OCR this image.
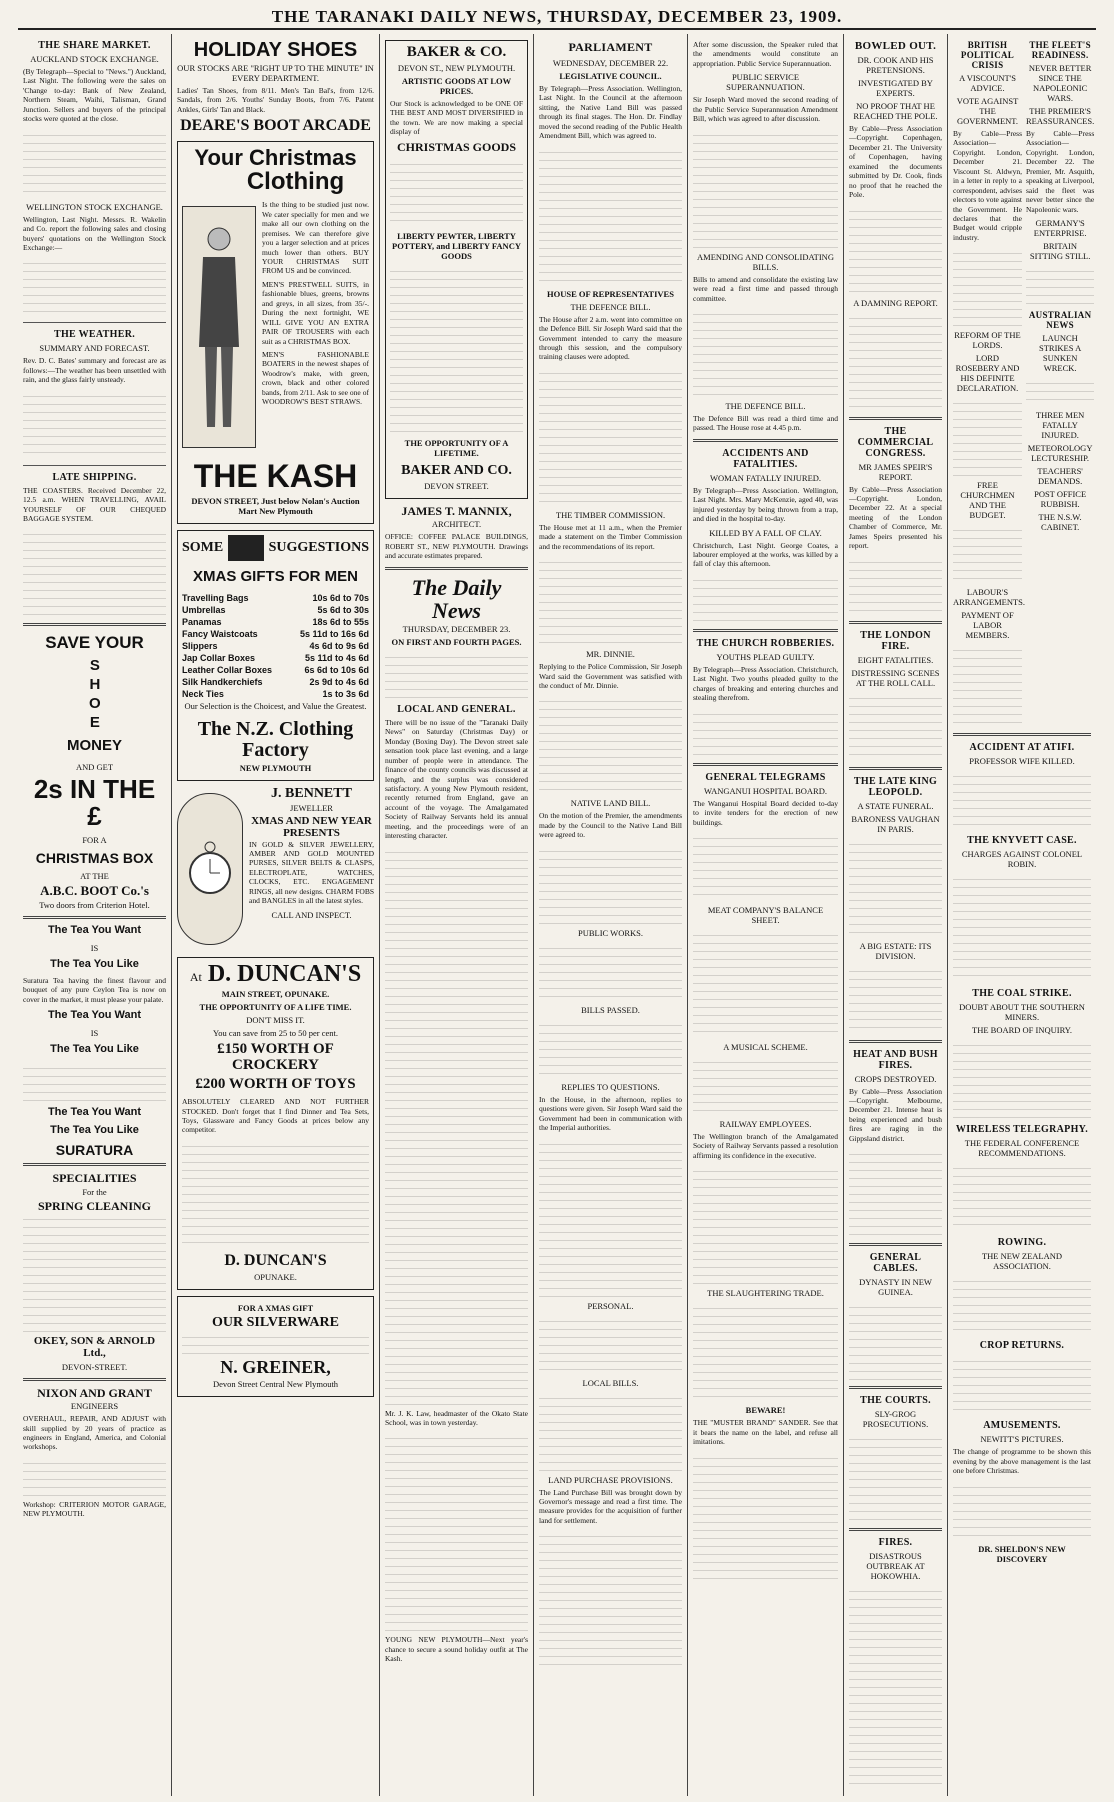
THE TARANAKI DAILY NEWS, THURSDAY, DECEMBER 23, 1909.
THE SHARE MARKET.
AUCKLAND STOCK EXCHANGE.

(By Telegraph—Special to "News.") Auckland, Last Night. The following were the sales on 'Change to-day: Bank of New Zealand, Northern Steam, Waihi, Talisman, Grand Junction. Sellers and buyers of the principal stocks were quoted at the close.

WELLINGTON STOCK EXCHANGE.

Wellington, Last Night. Messrs. R. Wakelin and Co. report the following sales and closing buyers' quotations on the Wellington Stock Exchange:—

THE WEATHER.
SUMMARY AND FORECAST.

Rev. D. C. Bates' summary and forecast are as follows:—The weather has been unsettled with rain, and the glass fairly unsteady.

LATE SHIPPING.

THE COASTERS. Received December 22, 12.5 a.m. WHEN TRAVELLING, AVAIL YOURSELF OF OUR CHEQUED BAGGAGE SYSTEM.

SAVE YOUR
SHOE
MONEY
AND GET
2s IN THE £
FOR A
CHRISTMAS BOX
AT THE
A.B.C. BOOT Co.'s
Two doors from Criterion Hotel.
The Tea You Want
IS
The Tea You Like

Suratura Tea having the finest flavour and bouquet of any pure Ceylon Tea is now on cover in the market, it must please your palate.

The Tea You Want
IS
The Tea You Like

The Tea You Want
The Tea You Like
SURATURA
SPECIALITIES
For the
SPRING CLEANING

OKEY, SON & ARNOLD Ltd.,
DEVON-STREET.
NIXON AND GRANT
ENGINEERS

OVERHAUL, REPAIR, AND ADJUST with skill supplied by 20 years of practice as engineers in England, America, and Colonial workshops.

Workshop: CRITERION MOTOR GARAGE, NEW PLYMOUTH.

HOLIDAY SHOES
OUR STOCKS ARE "RIGHT UP TO THE MINUTE" IN EVERY DEPARTMENT.

Ladies' Tan Shoes, from 8/11. Men's Tan Bal's, from 12/6. Sandals, from 2/6. Youths' Sunday Boots, from 7/6. Patent Ankles, Girls' Tan and Black.

DEARE'S BOOT ARCADE
Your Christmas
Clothing

Is the thing to be studied just now. We cater specially for men and we make all our own clothing on the premises. We can therefore give you a larger selection and at prices much lower than others. BUY YOUR CHRISTMAS SUIT FROM US and be convinced.

MEN'S PRESTWELL SUITS, in fashionable blues, greens, browns and greys, in all sizes, from 35/-. During the next fortnight, WE WILL GIVE YOU AN EXTRA PAIR OF TROUSERS with each suit as a CHRISTMAS BOX.

MEN'S FASHIONABLE BOATERS in the newest shapes of Woodrow's make, with green, crown, black and other colored bands, from 2/11. Ask to see one of WOODROW'S BEST STRAWS.

THE KASH
DEVON STREET, Just below Nolan's Auction Mart New Plymouth
SOME	SUGGESTIONS
XMAS GIFTS FOR MEN
Travelling Bags	10s 6d to 70s
Umbrellas	5s 6d to 30s
Panamas	18s 6d to 55s
Fancy Waistcoats	5s 11d to 16s 6d
Slippers	4s 6d to 9s 6d
Jap Collar Boxes	5s 11d to 4s 6d
Leather Collar Boxes	6s 6d to 10s 6d
Silk Handkerchiefs	2s 9d to 4s 6d
Neck Ties	1s to 3s 6d
Our Selection is the Choicest, and Value the Greatest.
The N.Z. Clothing Factory
NEW PLYMOUTH
J. BENNETT
JEWELLER
XMAS AND NEW YEAR PRESENTS

IN GOLD & SILVER JEWELLERY, AMBER AND GOLD MOUNTED PURSES, SILVER BELTS & CLASPS, ELECTROPLATE, WATCHES, CLOCKS, ETC. ENGAGEMENT RINGS, all new designs. CHARM FOBS and BANGLES in all the latest styles.

CALL AND INSPECT.
At D. DUNCAN'S
MAIN STREET, OPUNAKE.
THE OPPORTUNITY OF A LIFE TIME.
DON'T MISS IT.
You can save from 25 to 50 per cent.
£150 WORTH OF CROCKERY
£200 WORTH OF TOYS

ABSOLUTELY CLEARED AND NOT FURTHER STOCKED. Don't forget that I find Dinner and Tea Sets, Toys, Glassware and Fancy Goods at prices below any competitor.

D. DUNCAN'S
OPUNAKE.
FOR A XMAS GIFT
OUR SILVERWARE

N. GREINER,
Devon Street Central New Plymouth
BAKER & CO.
DEVON ST., NEW PLYMOUTH.
ARTISTIC GOODS AT LOW PRICES.

Our Stock is acknowledged to be ONE OF THE BEST AND MOST DIVERSIFIED in the town. We are now making a special display of

CHRISTMAS GOODS

LIBERTY PEWTER, LIBERTY POTTERY, and LIBERTY FANCY GOODS

THE OPPORTUNITY OF A LIFETIME.
BAKER AND CO.
DEVON STREET.
JAMES T. MANNIX,
ARCHITECT.

OFFICE: COFFEE PALACE BUILDINGS, ROBERT ST., NEW PLYMOUTH. Drawings and accurate estimates prepared.

The Daily News
THURSDAY, DECEMBER 23.
ON FIRST AND FOURTH PAGES.

LOCAL AND GENERAL.

There will be no issue of the "Taranaki Daily News" on Saturday (Christmas Day) or Monday (Boxing Day). The Devon street sale sensation took place last evening, and a large number of people were in attendance. The finance of the county councils was discussed at length, and the surplus was considered satisfactory. A young New Plymouth resident, recently returned from England, gave an account of the voyage. The Amalgamated Society of Railway Servants held its annual meeting, and the proceedings were of an interesting character.

Mr. J. K. Law, headmaster of the Okato State School, was in town yesterday.

YOUNG NEW PLYMOUTH—Next year's chance to secure a sound holiday outfit at The Kash.

PARLIAMENT
WEDNESDAY, DECEMBER 22.
LEGISLATIVE COUNCIL.

By Telegraph—Press Association. Wellington, Last Night. In the Council at the afternoon sitting, the Native Land Bill was passed through its final stages. The Hon. Dr. Findlay moved the second reading of the Public Health Amendment Bill, which was agreed to.

HOUSE OF REPRESENTATIVES
THE DEFENCE BILL.

The House after 2 a.m. went into committee on the Defence Bill. Sir Joseph Ward said that the Government intended to carry the measure through this session, and the compulsory training clauses were adopted.

THE TIMBER COMMISSION.

The House met at 11 a.m., when the Premier made a statement on the Timber Commission and the recommendations of its report.

MR. DINNIE.

Replying to the Police Commission, Sir Joseph Ward said the Government was satisfied with the conduct of Mr. Dinnie.

NATIVE LAND BILL.

On the motion of the Premier, the amendments made by the Council to the Native Land Bill were agreed to.

PUBLIC WORKS.

BILLS PASSED.

REPLIES TO QUESTIONS.

In the House, in the afternoon, replies to questions were given. Sir Joseph Ward said the Government had been in communication with the Imperial authorities.

PERSONAL.

LOCAL BILLS.

LAND PURCHASE PROVISIONS.

The Land Purchase Bill was brought down by Governor's message and read a first time. The measure provides for the acquisition of further land for settlement.

After some discussion, the Speaker ruled that the amendments would constitute an appropriation. Public Service Superannuation.

PUBLIC SERVICE SUPERANNUATION.

Sir Joseph Ward moved the second reading of the Public Service Superannuation Amendment Bill, which was agreed to after discussion.

AMENDING AND CONSOLIDATING BILLS.

Bills to amend and consolidate the existing law were read a first time and passed through committee.

THE DEFENCE BILL.

The Defence Bill was read a third time and passed. The House rose at 4.45 p.m.

ACCIDENTS AND FATALITIES.
WOMAN FATALLY INJURED.

By Telegraph—Press Association. Wellington, Last Night. Mrs. Mary McKenzie, aged 40, was injured yesterday by being thrown from a trap, and died in the hospital to-day.

KILLED BY A FALL OF CLAY.

Christchurch, Last Night. George Coates, a labourer employed at the works, was killed by a fall of clay this afternoon.

THE CHURCH ROBBERIES.
YOUTHS PLEAD GUILTY.

By Telegraph—Press Association. Christchurch, Last Night. Two youths pleaded guilty to the charges of breaking and entering churches and stealing therefrom.

GENERAL TELEGRAMS
WANGANUI HOSPITAL BOARD.

The Wanganui Hospital Board decided to-day to invite tenders for the erection of new buildings.

MEAT COMPANY'S BALANCE SHEET.

A MUSICAL SCHEME.

RAILWAY EMPLOYEES.

The Wellington branch of the Amalgamated Society of Railway Servants passed a resolution affirming its confidence in the executive.

THE SLAUGHTERING TRADE.

BEWARE!

THE "MUSTER BRAND" SANDER. See that it bears the name on the label, and refuse all imitations.

BOWLED OUT.
DR. COOK AND HIS PRETENSIONS.
INVESTIGATED BY EXPERTS.
NO PROOF THAT HE REACHED THE POLE.

By Cable—Press Association—Copyright. Copenhagen, December 21. The University of Copenhagen, having examined the documents submitted by Dr. Cook, finds no proof that he reached the Pole.

A DAMNING REPORT.

THE COMMERCIAL CONGRESS.
MR JAMES SPEIR'S REPORT.

By Cable—Press Association—Copyright. London, December 22. At a special meeting of the London Chamber of Commerce, Mr. James Speirs presented his report.

THE LONDON FIRE.
EIGHT FATALITIES.
DISTRESSING SCENES AT THE ROLL CALL.

THE LATE KING LEOPOLD.
A STATE FUNERAL.
BARONESS VAUGHAN IN PARIS.

A BIG ESTATE: ITS DIVISION.

HEAT AND BUSH FIRES.
CROPS DESTROYED.

By Cable—Press Association—Copyright. Melbourne, December 21. Intense heat is being experienced and bush fires are raging in the Gippsland district.

GENERAL CABLES.
DYNASTY IN NEW GUINEA.

THE COURTS.
SLY-GROG PROSECUTIONS.

FIRES.
DISASTROUS OUTBREAK AT HOKOWHIA.

BRITISH POLITICAL CRISIS
A VISCOUNT'S ADVICE.
VOTE AGAINST THE GOVERNMENT.

By Cable—Press Association—Copyright. London, December 21. Viscount St. Aldwyn, in a letter in reply to a correspondent, advises electors to vote against the Government. He declares that the Budget would cripple industry.

REFORM OF THE LORDS.
LORD ROSEBERY AND HIS DEFINITE DECLARATION.

FREE CHURCHMEN AND THE BUDGET.

LABOUR'S ARRANGEMENTS.
PAYMENT OF LABOR MEMBERS.

THE FLEET'S READINESS.
NEVER BETTER SINCE THE NAPOLEONIC WARS.
THE PREMIER'S REASSURANCES.

By Cable—Press Association—Copyright. London, December 22. The Premier, Mr. Asquith, speaking at Liverpool, said the fleet was never better since the Napoleonic wars.

GERMANY'S ENTERPRISE.
BRITAIN SITTING STILL.

AUSTRALIAN NEWS
LAUNCH STRIKES A SUNKEN WRECK.

THREE MEN FATALLY INJURED.
METEOROLOGY LECTURESHIP.
TEACHERS' DEMANDS.
POST OFFICE RUBBISH.
THE N.S.W. CABINET.
ACCIDENT AT ATIFI.
PROFESSOR WIFE KILLED.

THE KNYVETT CASE.
CHARGES AGAINST COLONEL ROBIN.

THE COAL STRIKE.
DOUBT ABOUT THE SOUTHERN MINERS.
THE BOARD OF INQUIRY.

WIRELESS TELEGRAPHY.
THE FEDERAL CONFERENCE RECOMMENDATIONS.

ROWING.
THE NEW ZEALAND ASSOCIATION.

CROP RETURNS.

AMUSEMENTS.
NEWITT'S PICTURES.

The change of programme to be shown this evening by the above management is the last one before Christmas.

DR. SHELDON'S NEW DISCOVERY
